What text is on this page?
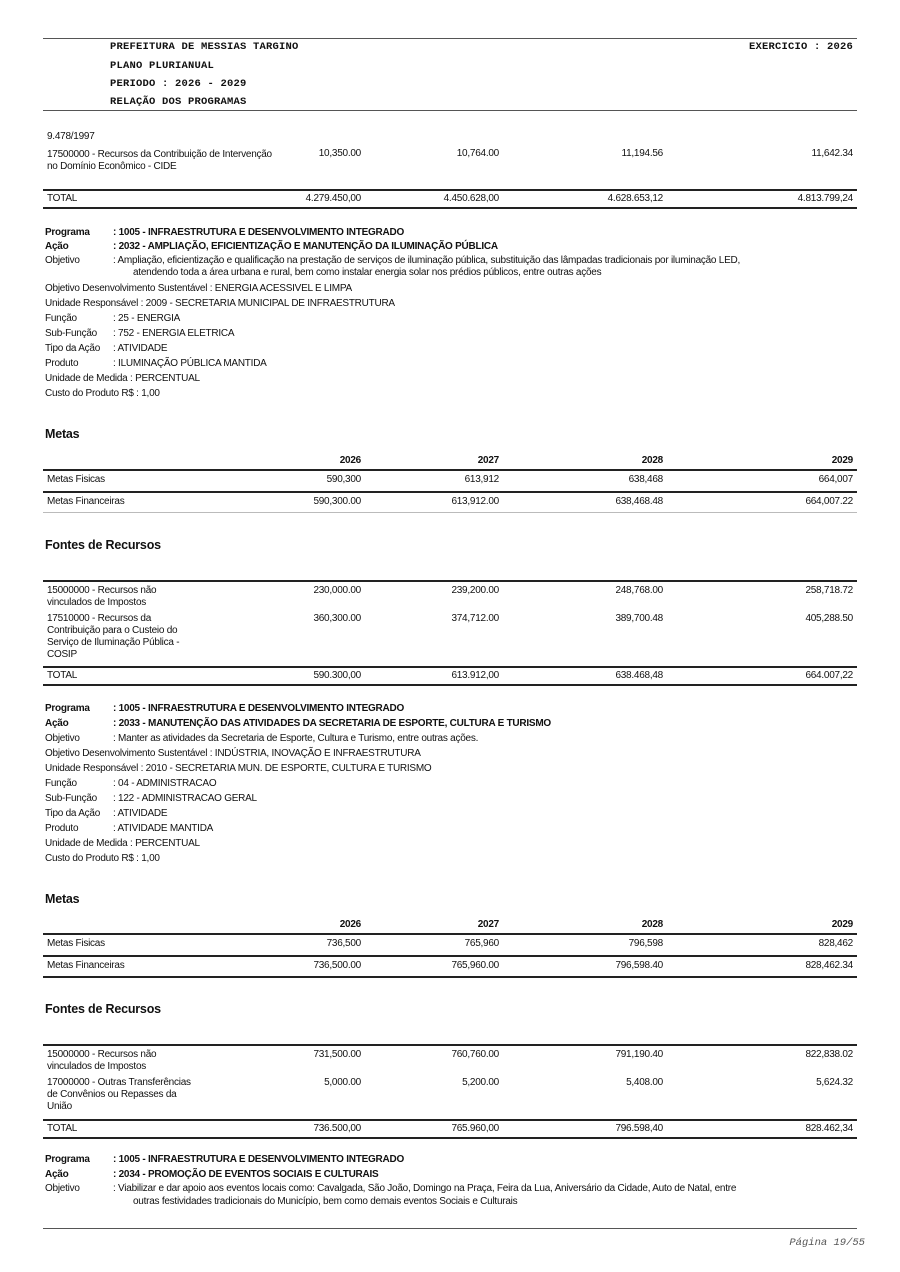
PREFEITURA DE MESSIAS TARGINO	EXERCICIO : 2026
PLANO PLURIANUAL
PERIODO : 2026 - 2029
RELAÇÃO DOS PROGRAMAS
9.478/1997
17500000 - Recursos da Contribuição de Intervenção no Domínio Econômico - CIDE	10,350.00	10,764.00	11,194.56	11,642.34
TOTAL	4.279.450,00	4.450.628,00	4.628.653,12	4.813.799,24
Programa : 1005 - INFRAESTRUTURA E DESENVOLVIMENTO INTEGRADO
Ação	: 2032 - AMPLIAÇÃO, EFICIENTIZAÇÃO E MANUTENÇÃO DA ILUMINAÇÃO PÚBLICA
Objetivo	: Ampliação, eficientização e qualificação na prestação de serviços de iluminação pública, substituição das lâmpadas tradicionais por iluminação LED,
atendendo toda a área urbana e rural, bem como instalar energia solar nos prédios públicos, entre outras ações
Objetivo Desenvolvimento Sustentável : ENERGIA ACESSIVEL E LIMPA
Unidade Responsável : 2009 - SECRETARIA MUNICIPAL DE INFRAESTRUTURA
Função	: 25 - ENERGIA
Sub-Função : 752 - ENERGIA ELETRICA
Tipo da Ação : ATIVIDADE
Produto	: ILUMINAÇÃO PÚBLICA MANTIDA
Unidade de Medida : PERCENTUAL
Custo do Produto R$ : 1,00
Metas
	2026	2027	2028	2029
Metas Fisicas	590,300	613,912	638,468	664,007
Metas Financeiras	590,300.00	613,912.00	638,468.48	664,007.22
Fontes de Recursos
15000000 - Recursos não vinculados de Impostos	230,000.00	239,200.00	248,768.00	258,718.72
17510000 - Recursos da Contribuição para o Custeio do Serviço de Iluminação Pública - COSIP	360,300.00	374,712.00	389,700.48	405,288.50
TOTAL	590.300,00	613.912,00	638.468,48	664.007,22
Programa : 1005 - INFRAESTRUTURA E DESENVOLVIMENTO INTEGRADO
Ação	: 2033 - MANUTENÇÃO DAS ATIVIDADES DA SECRETARIA DE ESPORTE, CULTURA E TURISMO
Objetivo	: Manter as atividades da Secretaria de Esporte, Cultura e Turismo, entre outras ações.
Objetivo Desenvolvimento Sustentável : INDÚSTRIA, INOVAÇÃO E INFRAESTRUTURA
Unidade Responsável : 2010 - SECRETARIA MUN. DE ESPORTE, CULTURA E TURISMO
Função	: 04 - ADMINISTRACAO
Sub-Função : 122 - ADMINISTRACAO GERAL
Tipo da Ação : ATIVIDADE
Produto	: ATIVIDADE MANTIDA
Unidade de Medida : PERCENTUAL
Custo do Produto R$ : 1,00
Metas
	2026	2027	2028	2029
Metas Fisicas	736,500	765,960	796,598	828,462
Metas Financeiras	736,500.00	765,960.00	796,598.40	828,462.34
Fontes de Recursos
15000000 - Recursos não vinculados de Impostos	731,500.00	760,760.00	791,190.40	822,838.02
17000000 - Outras Transferências de Convênios ou Repasses da União	5,000.00	5,200.00	5,408.00	5,624.32
TOTAL	736.500,00	765.960,00	796.598,40	828.462,34
Programa : 1005 - INFRAESTRUTURA E DESENVOLVIMENTO INTEGRADO
Ação	: 2034 - PROMOÇÃO DE EVENTOS SOCIAIS E CULTURAIS
Objetivo	: Viabilizar e dar apoio aos eventos locais como: Cavalgada, São João, Domingo na Praça, Feira da Lua, Aniversário da Cidade, Auto de Natal, entre
outras festividades tradicionais do Município, bem como demais eventos Sociais e Culturais
Página 19/55
